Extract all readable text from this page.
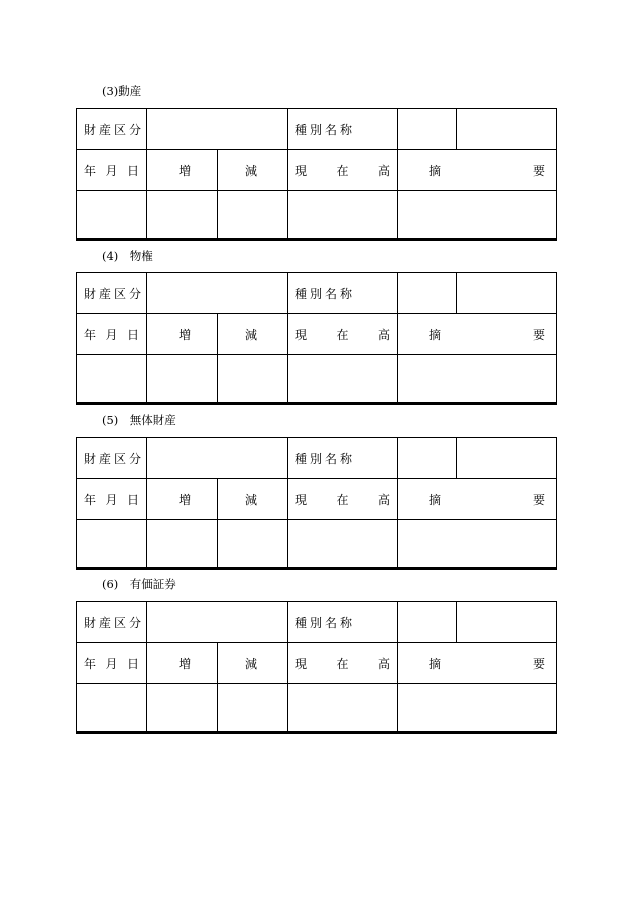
(3)動産
財産区分			種別名称		

年 月 日	増	減	現 在 高	摘 要	

(4)　物権
財産区分			種別名称		

年 月 日	増	減	現 在 高	摘 要	

(5)　無体財産
財産区分			種別名称		

年 月 日	増	減	現 在 高	摘 要	

(6)　有価証券
財産区分			種別名称		

年 月 日	増	減	現 在 高	摘 要	
